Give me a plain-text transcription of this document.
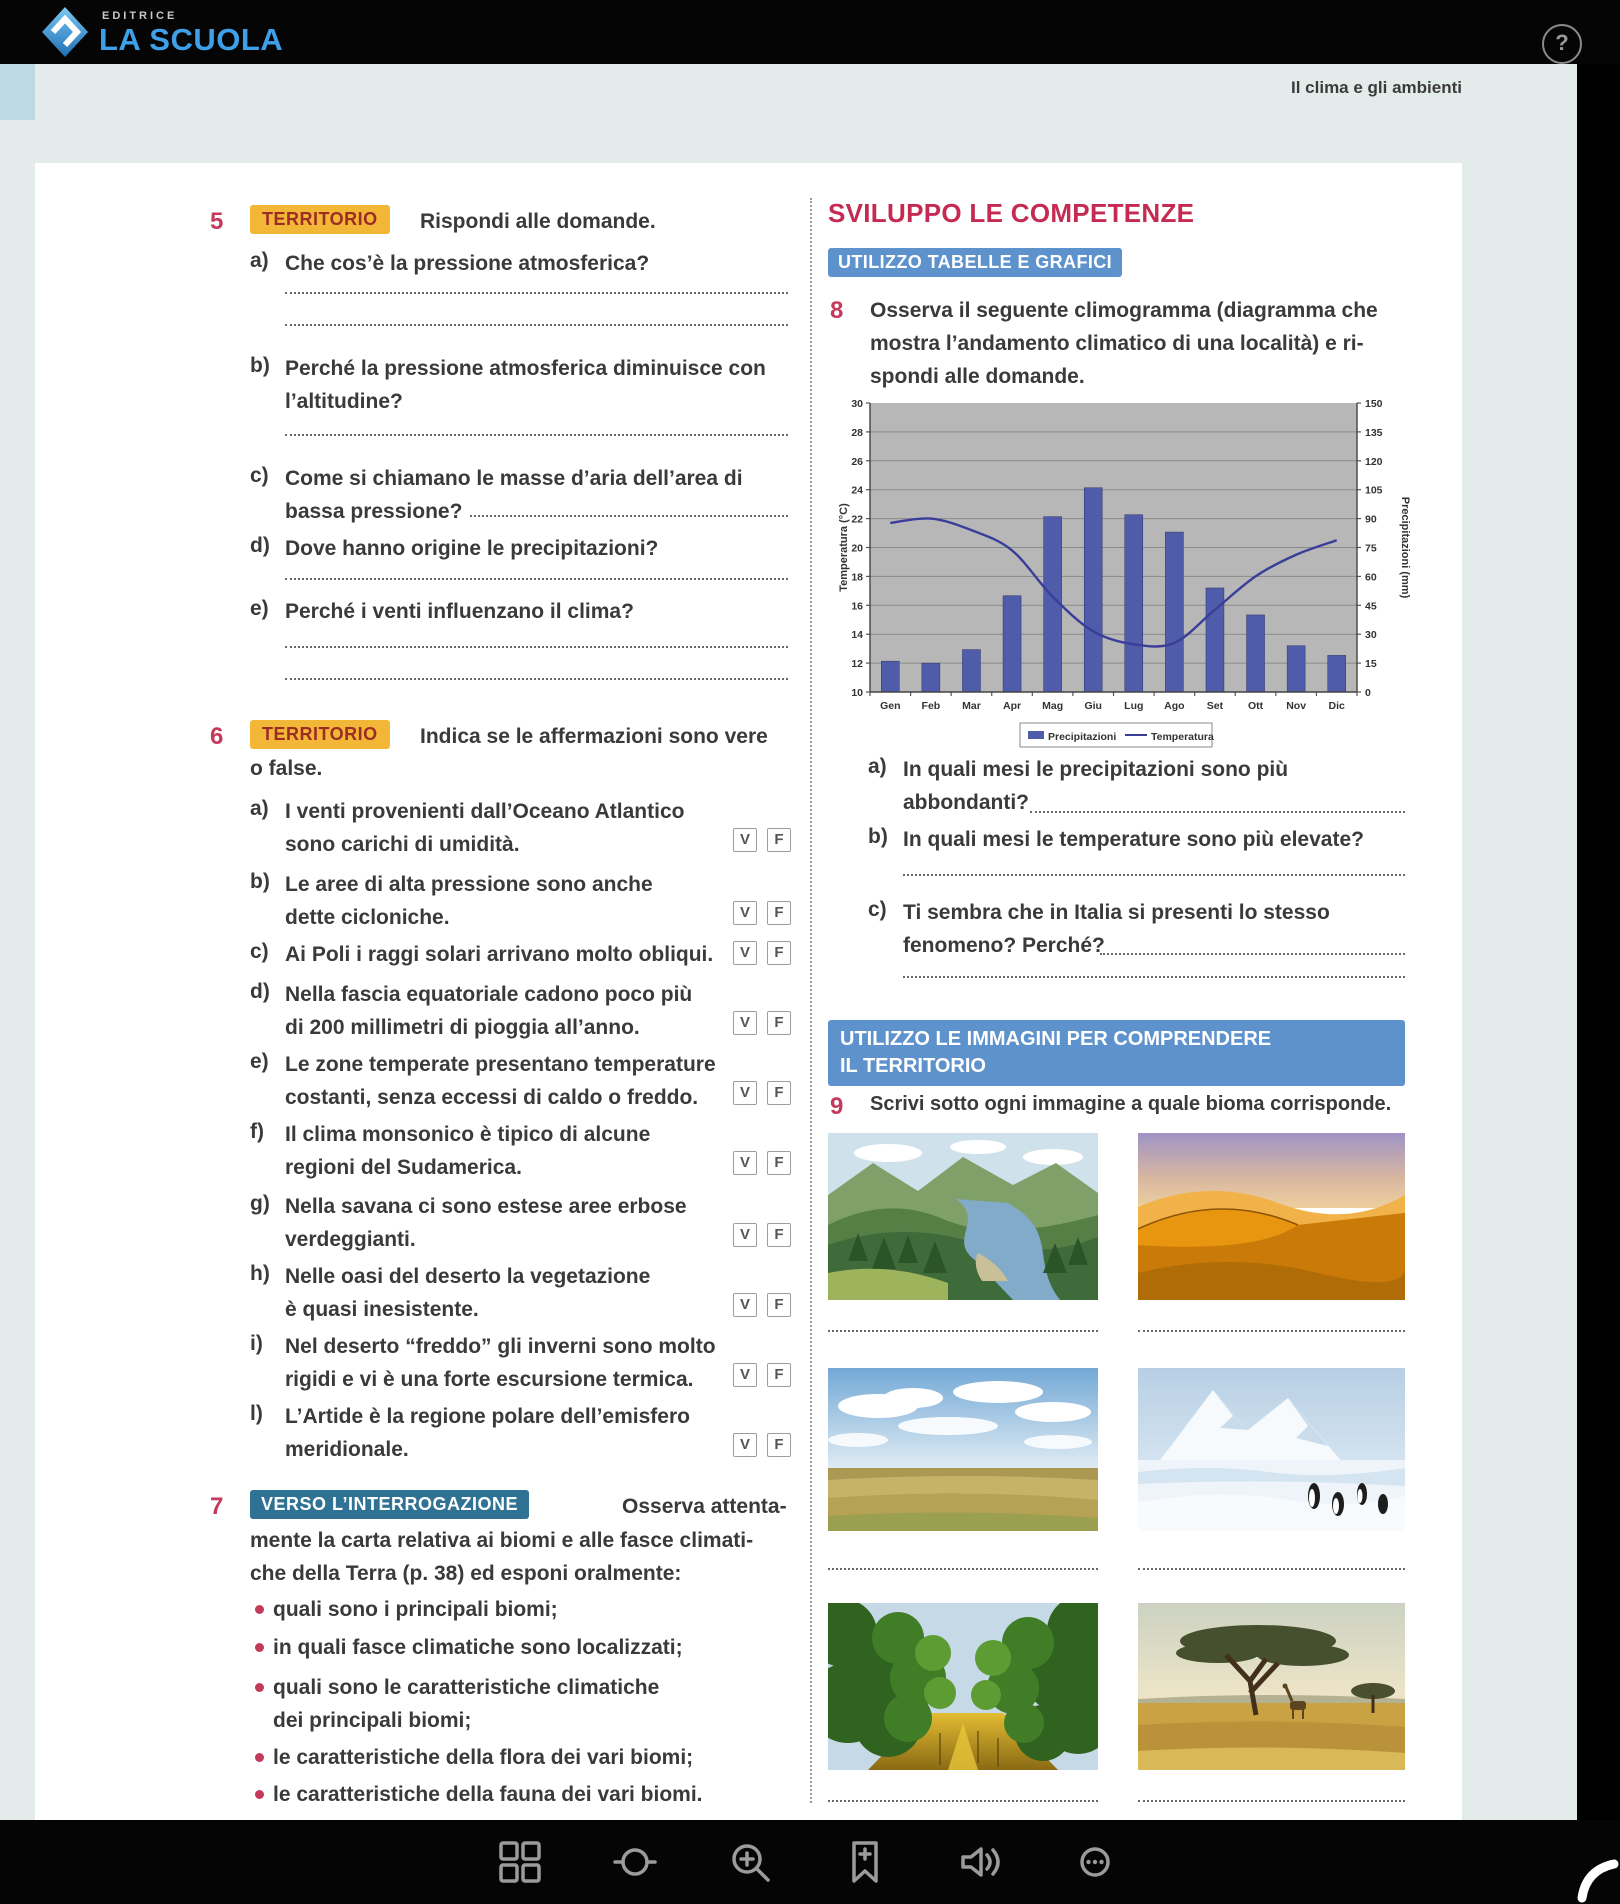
EDITRICE
LA SCUOLA	?
Il clima e gli ambienti
5	TERRITORIO	Rispondi alle domande.
a) Che cos’è la pressione atmosferica?
b) Perché la pressione atmosferica diminuisce con
l’altitudine?
c) Come si chiamano le masse d’aria dell’area di
bassa pressione?
d) Dove hanno origine le precipitazioni?
e) Perché i venti influenzano il clima?
6	TERRITORIO	Indica se le affermazioni sono vere
o false.
a) I venti provenienti dall’Oceano Atlantico
sono carichi di umidità.	V	F
b) Le aree di alta pressione sono anche
dette cicloniche.	V	F
c) Ai Poli i raggi solari arrivano molto obliqui.	V	F
d) Nella fascia equatoriale cadono poco più
di 200 millimetri di pioggia all’anno.	V	F
e) Le zone temperate presentano temperature
costanti, senza eccessi di caldo o freddo.	V	F
f) Il clima monsonico è tipico di alcune
regioni del Sudamerica.	V	F
g) Nella savana ci sono estese aree erbose
verdeggianti.	V	F
h) Nelle oasi del deserto la vegetazione
è quasi inesistente.	V	F
i) Nel deserto “freddo” gli inverni sono molto
rigidi e vi è una forte escursione termica.	V	F
l) L’Artide è la regione polare dell’emisfero
meridionale.	V	F
7	VERSO L’INTERROGAZIONE	Osserva attenta-
mente la carta relativa ai biomi e alle fasce climati-
che della Terra (p. 38) ed esponi oralmente:
quali sono i principali biomi;
in quali fasce climatiche sono localizzati;
quali sono le caratteristiche climatiche
dei principali biomi;
le caratteristiche della flora dei vari biomi;
le caratteristiche della fauna dei vari biomi.
SVILUPPO LE COMPETENZE
UTILIZZO TABELLE E GRAFICI
8 Osserva il seguente climogramma (diagramma che
mostra l’andamento climatico di una località) e ri-
spondi alle domande.
10
12
14
16
18
20
22
24
26
28
30
0
15
30
45
60
75
90
105
120
135
150
Gen Feb Mar Apr Mag Giu Lug Ago Set Ott Nov Dic
Temperatura (°C)	Precipitazioni (mm)
Precipitazioni	Temperatura
a) In quali mesi le precipitazioni sono più
abbondanti?
b) In quali mesi le temperature sono più elevate?
c) Ti sembra che in Italia si presenti lo stesso
fenomeno? Perché?
UTILIZZO LE IMMAGINI PER COMPRENDERE
IL TERRITORIO
9 Scrivi sotto ogni immagine a quale bioma corrisponde.
